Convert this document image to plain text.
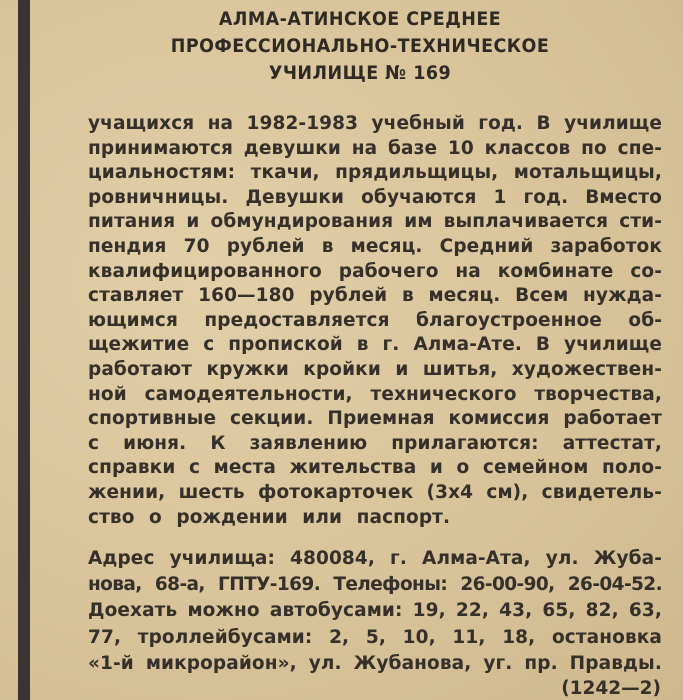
АЛМА-АТИНСКОЕ СРЕДНЕЕ
ПРОФЕССИОНАЛЬНО-ТЕХНИЧЕСКОЕ
УЧИЛИЩЕ № 169
учащихся на 1982-1983 учебный год. В училище
принимаются девушки на базе 10 классов по спе-
циальностям: ткачи, прядильщицы, мотальщицы,
ровничницы. Девушки обучаются 1 год. Вместо
питания и обмундирования им выплачивается сти-
пендия 70 рублей в месяц. Средний заработок
квалифицированного рабочего на комбинате со-
ставляет 160—180 рублей в месяц. Всем нужда-
ющимся предоставляется благоустроенное об-
щежитие с пропиской в г. Алма-Ате. В училище
работают кружки кройки и шитья, художествен-
ной самодеятельности, технического творчества,
спортивные секции. Приемная комиссия работает
с июня. К заявлению прилагаются: аттестат,
справки с места жительства и о семейном поло-
жении, шесть фотокарточек (3x4 см), свидетель-
ство о рождении или паспорт.
Адрес училища: 480084, г. Алма-Ата, ул. Жуба-
нова, 68-а, ГПТУ-169. Телефоны: 26-00-90, 26-04-52.
Доехать можно автобусами: 19, 22, 43, 65, 82, 63,
77, троллейбусами: 2, 5, 10, 11, 18, остановка
«1-й микрорайон», ул. Жубанова, уг. пр. Правды.
(1242—2)
